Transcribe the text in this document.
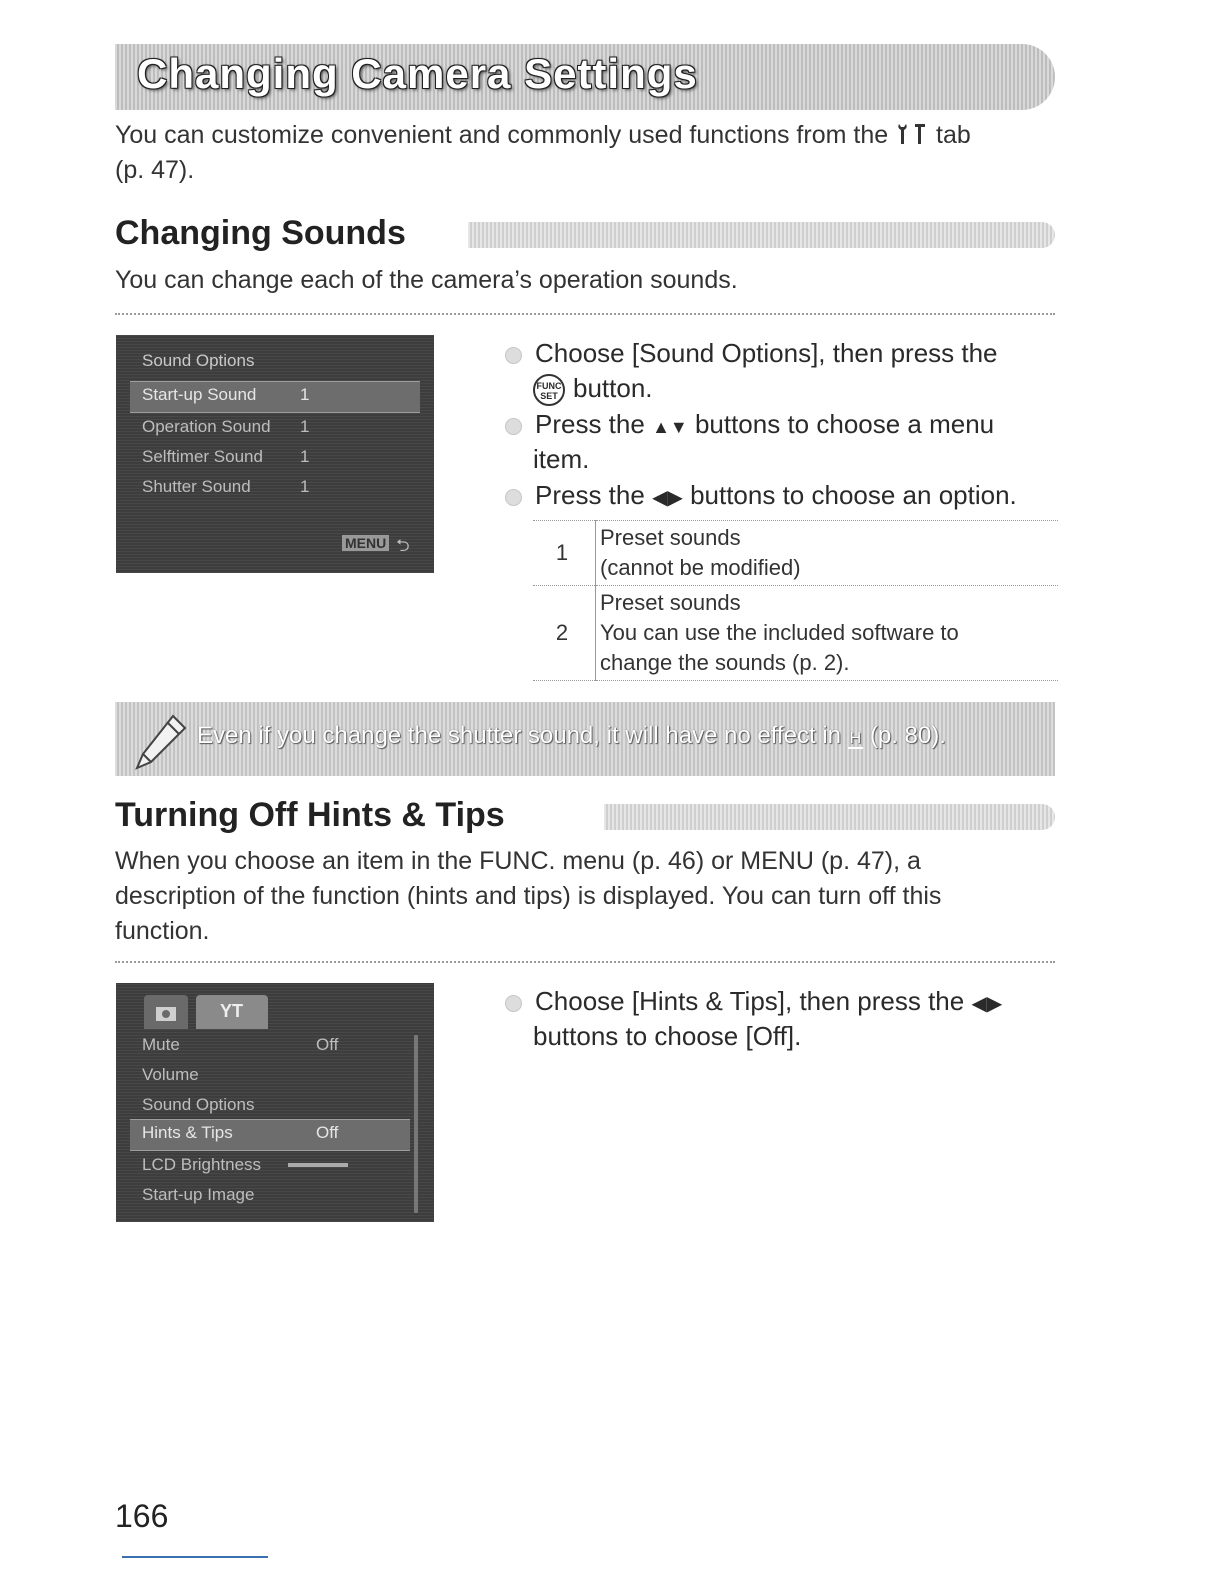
Changing Camera Settings
You can customize convenient and commonly used functions from the tab
(p. 47).
Changing Sounds
You can change each of the camera’s operation sounds.
Sound Options
Start-up Sound	1
Operation Sound 1
Selftimer Sound 1
Shutter Sound	1
MENU ⮌
Choose [Sound Options], then press the
FUNC
SET button.
Press the ▲▼ buttons to choose a menu
item.
Press the ◀▶ buttons to choose an option.
1	Preset sounds
(cannot be modified)
2	Preset sounds
You can use the included software to
change the sounds (p. 2).
Even if you change the shutter sound, it will have no effect in H (p. 80).
Turning Off Hints & Tips
When you choose an item in the FUNC. menu (p. 46) or MENU (p. 47), a
description of the function (hints and tips) is displayed. You can turn off this
function.
ΥT
Mute	Off
Volume
Sound Options
Hints & Tips	Off
LCD Brightness
Start-up Image
Choose [Hints & Tips], then press the ◀▶
buttons to choose [Off].
166
